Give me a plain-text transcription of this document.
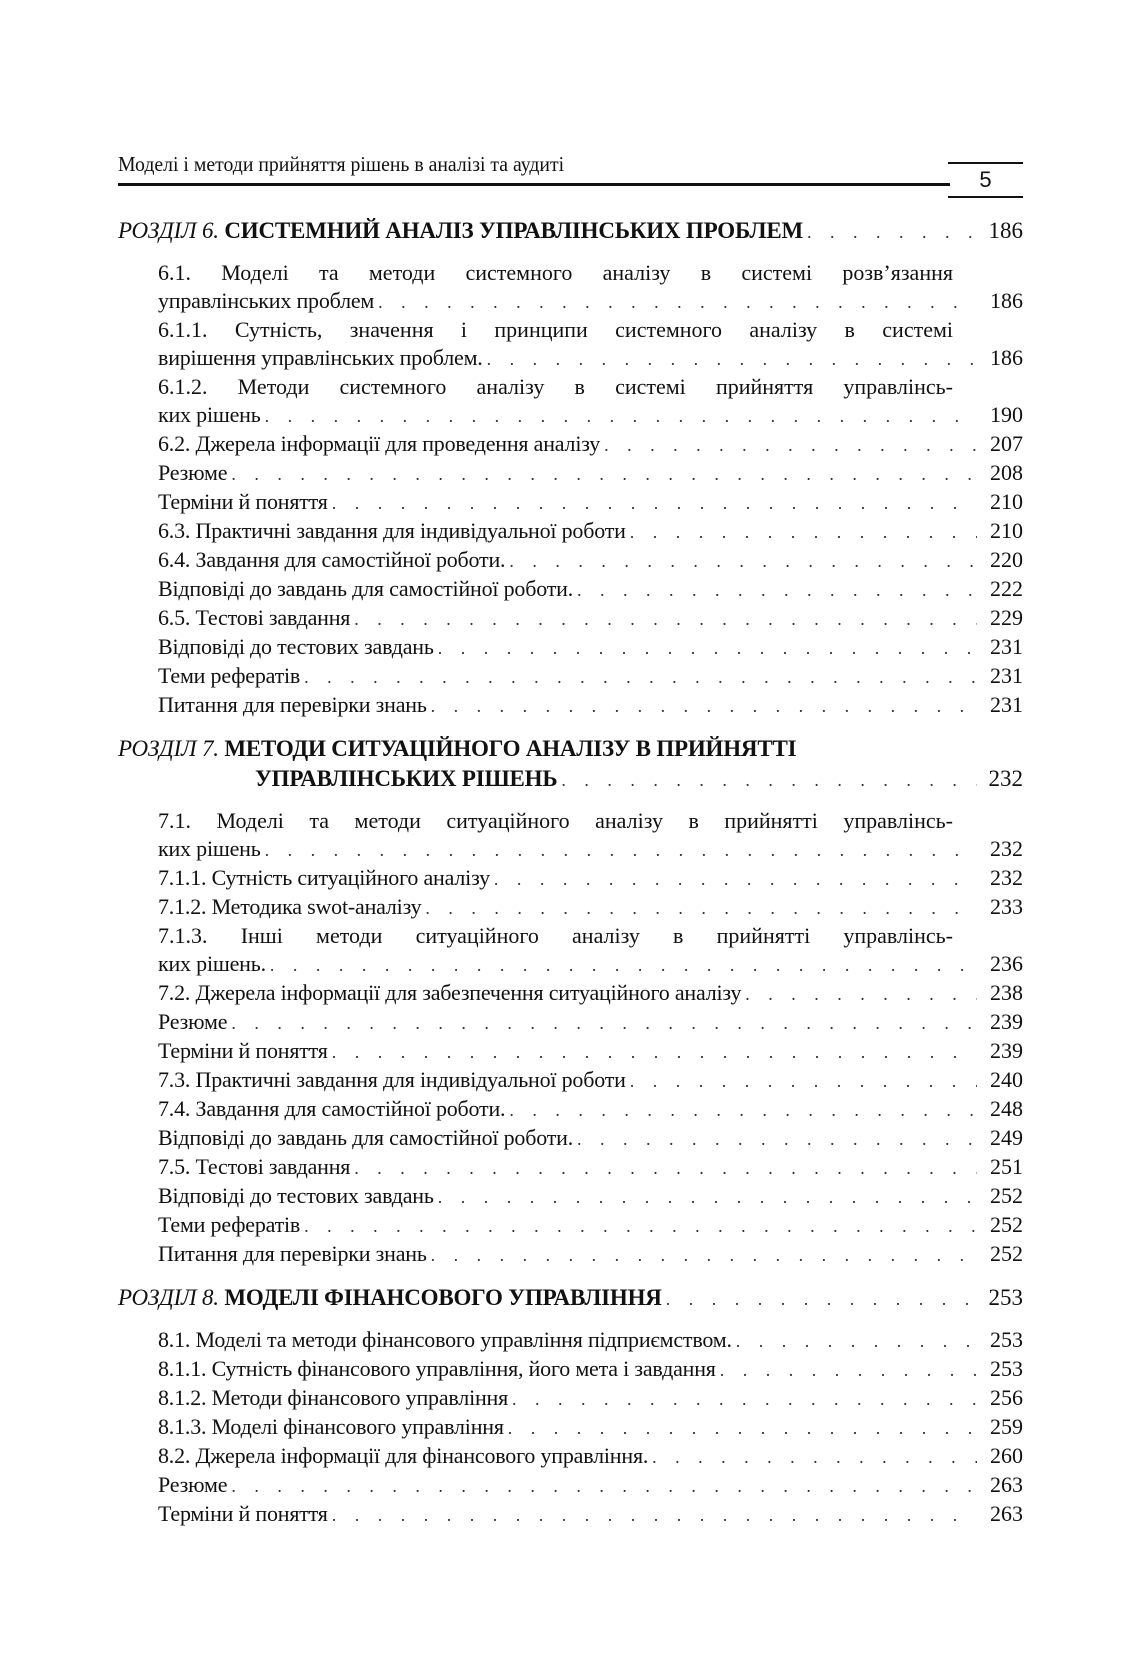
Моделі і методи прийняття рішень в аналізі та аудиті
5
РОЗДІЛ 6. СИСТЕМНИЙ АНАЛІЗ УПРАВЛІНСЬКИХ ПРОБЛЕМ . . .	186
6.1. Моделі та методи системного аналізу в системі розв’язання
управлінських проблем . . .	186
6.1.1. Сутність, значення і принципи системного аналізу в системі
вирішення управлінських проблем. . . .	186
6.1.2. Методи системного аналізу в системі прийняття управлінсь-
ких рішень . . .	190
6.2. Джерела інформації для проведення аналізу . . .	207
Резюме . . .	208
Терміни й поняття . . .	210
6.3. Практичні завдання для індивідуальної роботи . . .	210
6.4. Завдання для самостійної роботи. . . .	220
Відповіді до завдань для самостійної роботи. . . .	222
6.5. Тестові завдання . . .	229
Відповіді до тестових завдань . . .	231
Теми рефератів . . .	231
Питання для перевірки знань . . .	231
РОЗДІЛ 7. МЕТОДИ СИТУАЦІЙНОГО АНАЛІЗУ В ПРИЙНЯТТІ
УПРАВЛІНСЬКИХ РІШЕНЬ . . .	232
7.1. Моделі та методи ситуаційного аналізу в прийнятті управлінсь-
ких рішень . . .	232
7.1.1. Сутність ситуаційного аналізу . . .	232
7.1.2. Методика swot-аналізу . . .	233
7.1.3. Інші методи ситуаційного аналізу в прийнятті управлінсь-
ких рішень. . . .	236
7.2. Джерела інформації для забезпечення ситуаційного аналізу . . .	238
Резюме . . .	239
Терміни й поняття . . .	239
7.3. Практичні завдання для індивідуальної роботи . . .	240
7.4. Завдання для самостійної роботи. . . .	248
Відповіді до завдань для самостійної роботи. . . .	249
7.5. Тестові завдання . . .	251
Відповіді до тестових завдань . . .	252
Теми рефератів . . .	252
Питання для перевірки знань . . .	252
РОЗДІЛ 8. МОДЕЛІ ФІНАНСОВОГО УПРАВЛІННЯ . . .	253
8.1. Моделі та методи фінансового управління підприємством. . . .	253
8.1.1. Сутність фінансового управління, його мета і завдання . . .	253
8.1.2. Методи фінансового управління . . .	256
8.1.3. Моделі фінансового управління . . .	259
8.2. Джерела інформації для фінансового управління. . . .	260
Резюме . . .	263
Терміни й поняття . . .	263
